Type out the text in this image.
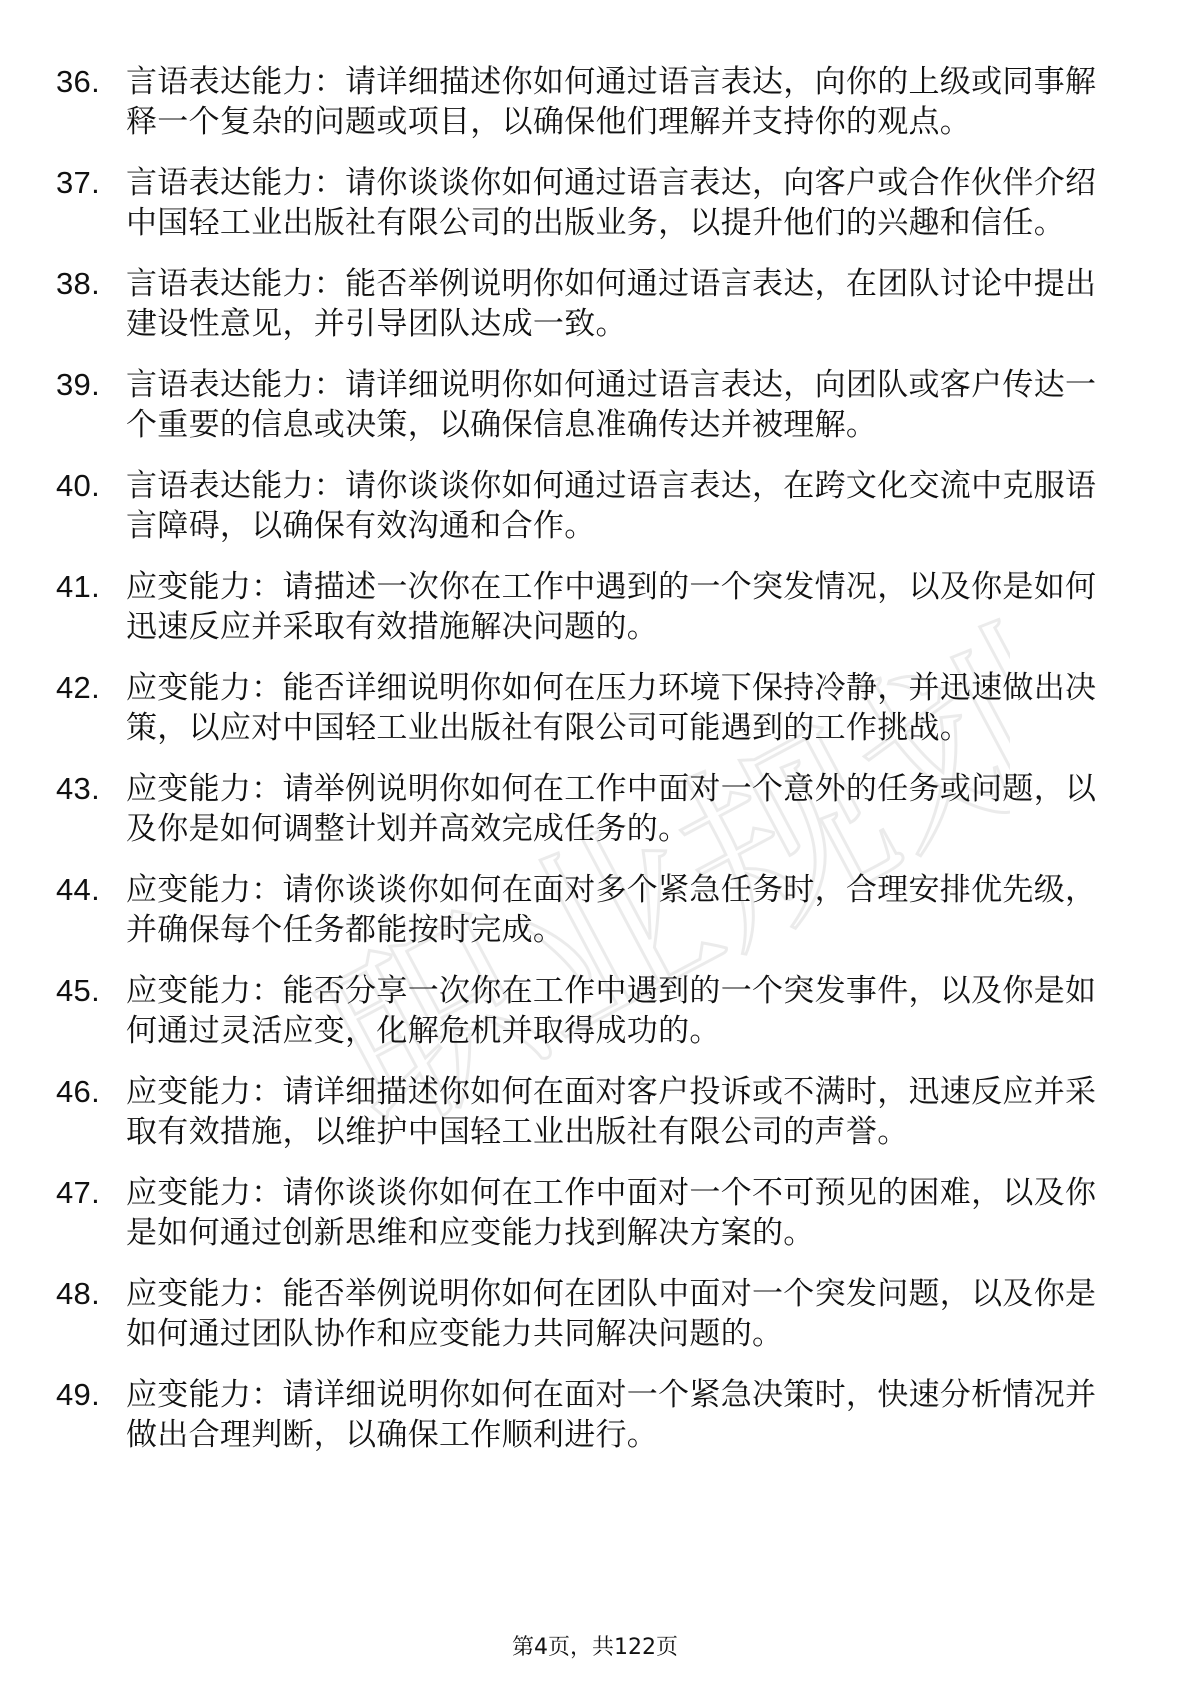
职业规划
36. 言语表达能力：请详细描述你如何通过语言表达，向你的上级或同事解释一个复杂的问题或项目，以确保他们理解并支持你的观点。
37. 言语表达能力：请你谈谈你如何通过语言表达，向客户或合作伙伴介绍中国轻工业出版社有限公司的出版业务，以提升他们的兴趣和信任。
38. 言语表达能力：能否举例说明你如何通过语言表达，在团队讨论中提出建设性意见，并引导团队达成一致。
39. 言语表达能力：请详细说明你如何通过语言表达，向团队或客户传达一个重要的信息或决策，以确保信息准确传达并被理解。
40. 言语表达能力：请你谈谈你如何通过语言表达，在跨文化交流中克服语言障碍，以确保有效沟通和合作。
41. 应变能力：请描述一次你在工作中遇到的一个突发情况，以及你是如何迅速反应并采取有效措施解决问题的。
42. 应变能力：能否详细说明你如何在压力环境下保持冷静，并迅速做出决策，以应对中国轻工业出版社有限公司可能遇到的工作挑战。
43. 应变能力：请举例说明你如何在工作中面对一个意外的任务或问题，以及你是如何调整计划并高效完成任务的。
44. 应变能力：请你谈谈你如何在面对多个紧急任务时，合理安排优先级，并确保每个任务都能按时完成。
45. 应变能力：能否分享一次你在工作中遇到的一个突发事件，以及你是如何通过灵活应变，化解危机并取得成功的。
46. 应变能力：请详细描述你如何在面对客户投诉或不满时，迅速反应并采取有效措施，以维护中国轻工业出版社有限公司的声誉。
47. 应变能力：请你谈谈你如何在工作中面对一个不可预见的困难，以及你是如何通过创新思维和应变能力找到解决方案的。
48. 应变能力：能否举例说明你如何在团队中面对一个突发问题，以及你是如何通过团队协作和应变能力共同解决问题的。
49. 应变能力：请详细说明你如何在面对一个紧急决策时，快速分析情况并做出合理判断，以确保工作顺利进行。
第4页，共122页
